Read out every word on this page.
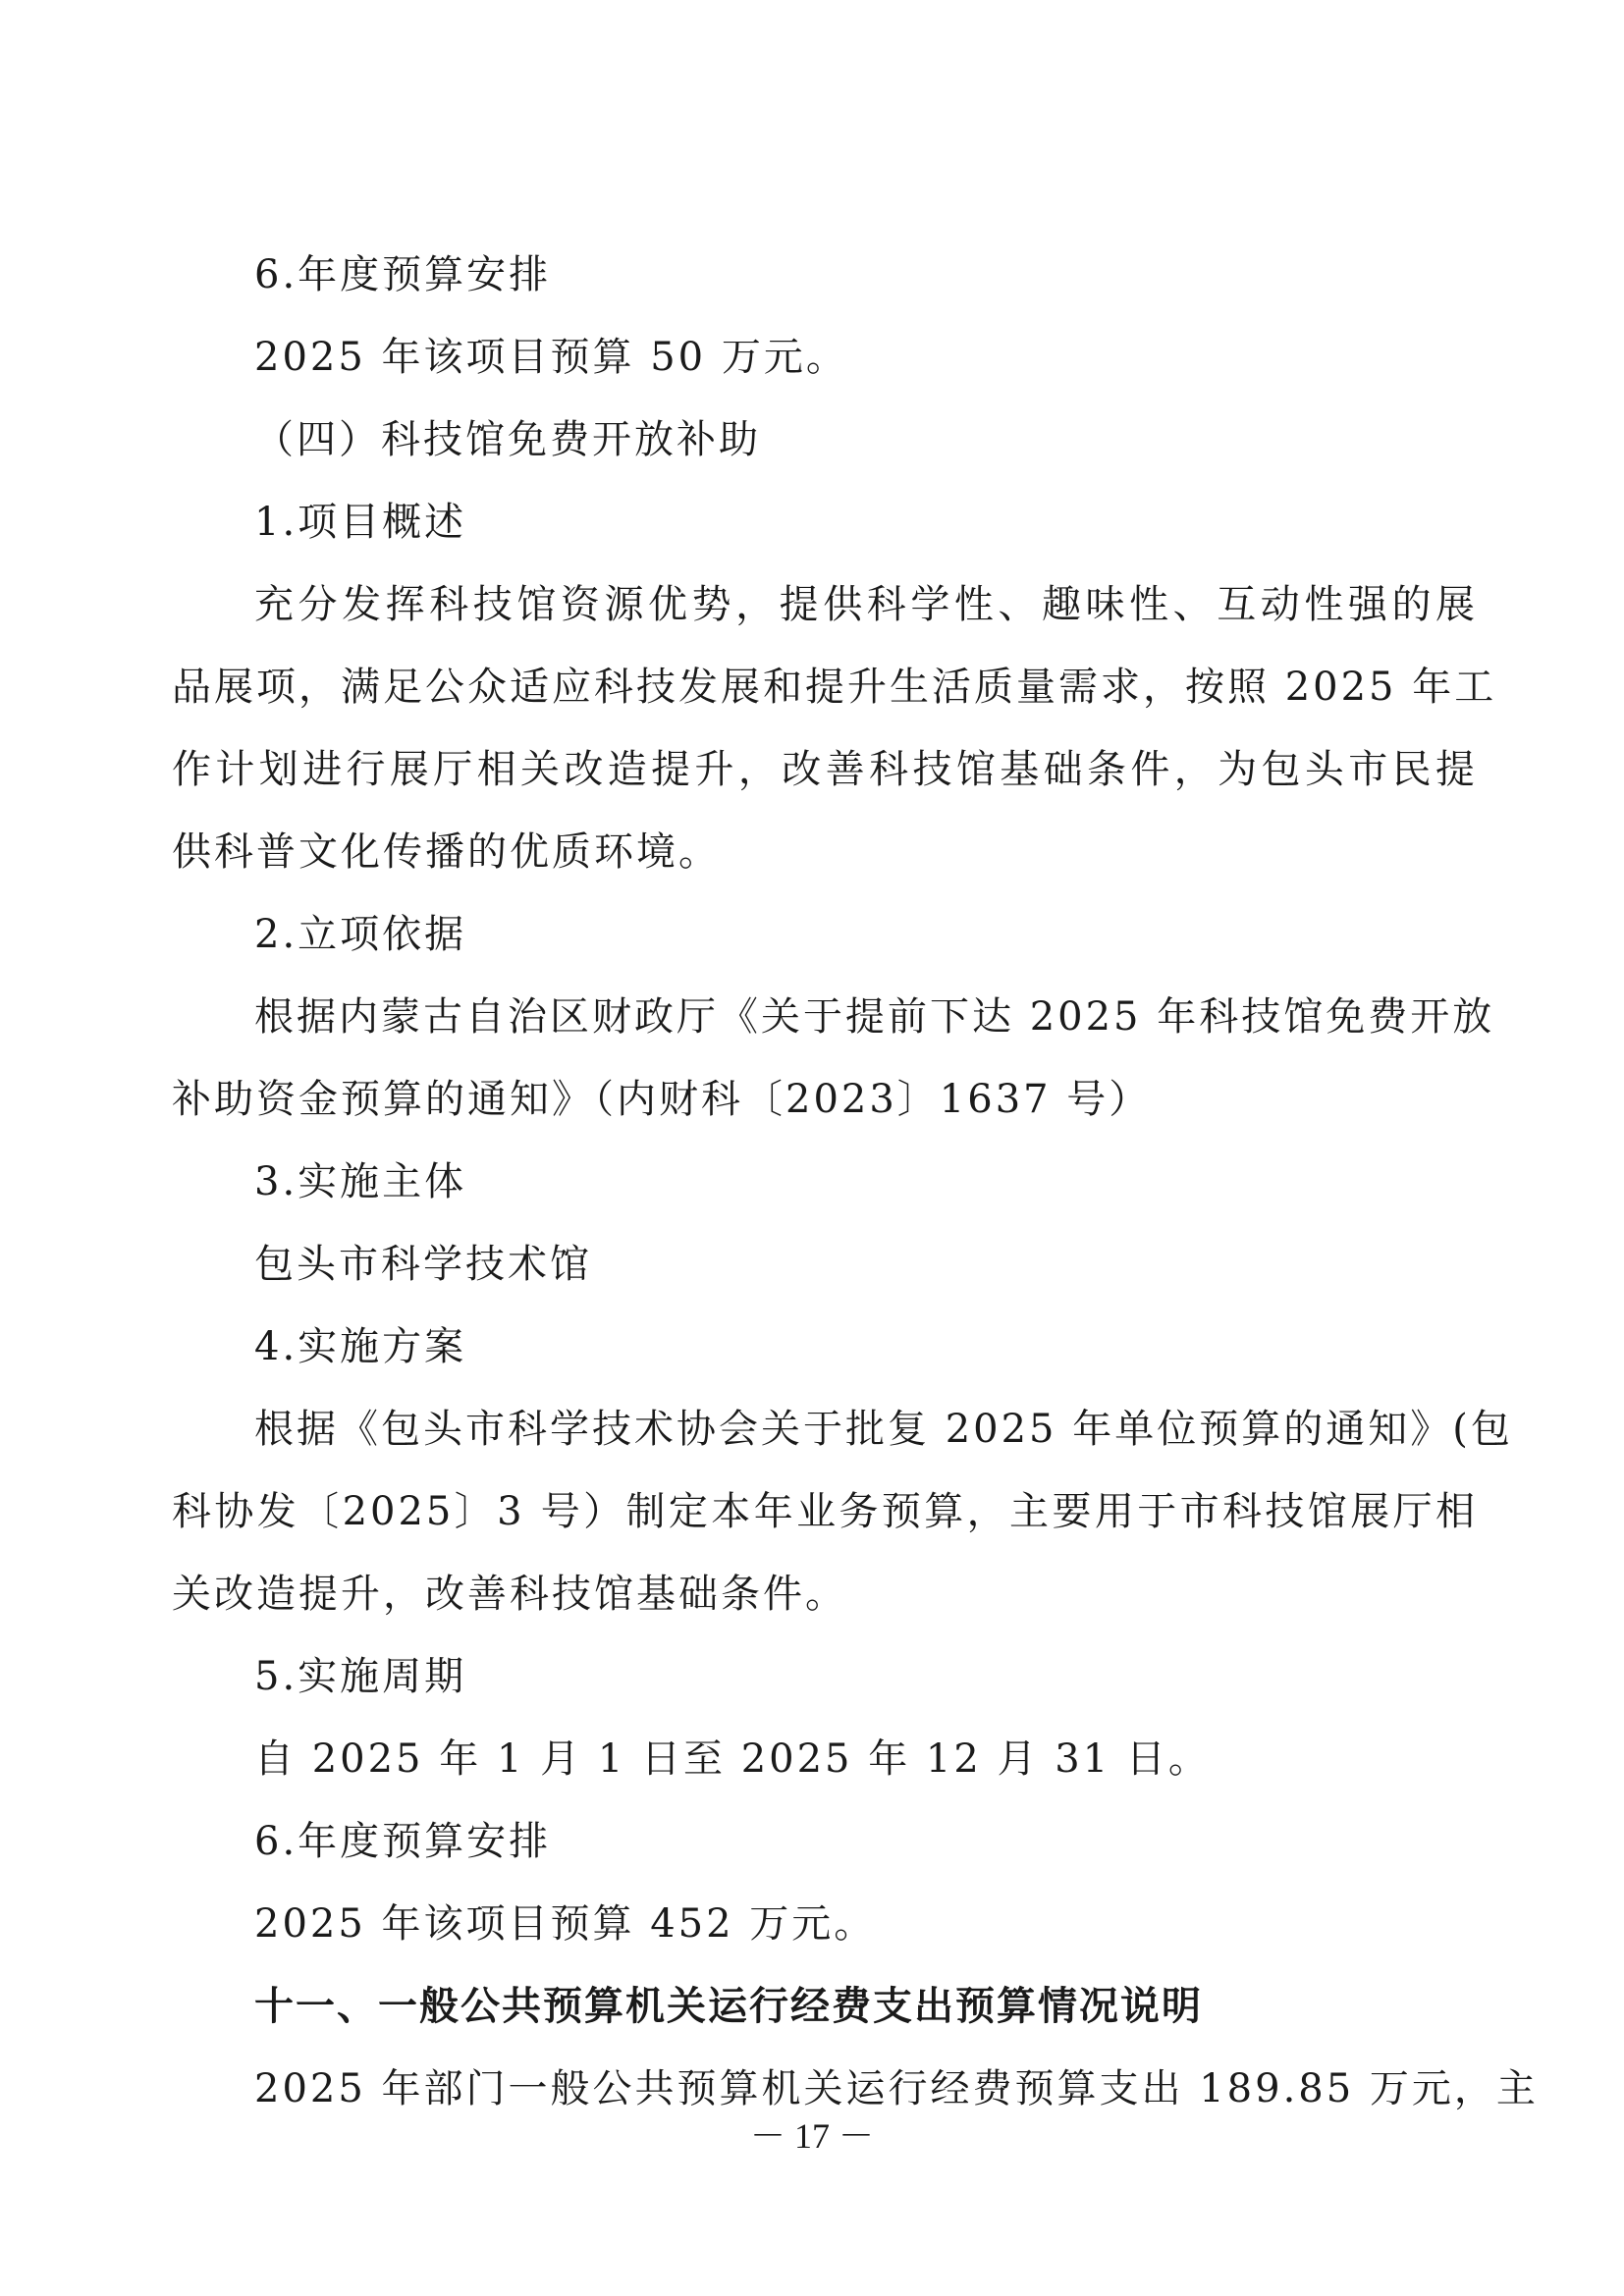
6.年度预算安排
2025 年该项目预算 50 万元。
（四）科技馆免费开放补助
1.项目概述
充分发挥科技馆资源优势，提供科学性、趣味性、互动性强的展
品展项，满足公众适应科技发展和提升生活质量需求，按照 2025 年工
作计划进行展厅相关改造提升，改善科技馆基础条件，为包头市民提
供科普文化传播的优质环境。
2.立项依据
根据内蒙古自治区财政厅《关于提前下达 2025 年科技馆免费开放
补助资金预算的通知》（内财科〔2023〕1637 号）
3.实施主体
包头市科学技术馆
4.实施方案
根据《包头市科学技术协会关于批复 2025 年单位预算的通知》(包
科协发〔2025〕3 号）制定本年业务预算，主要用于市科技馆展厅相
关改造提升，改善科技馆基础条件。
5.实施周期
自 2025 年 1 月 1 日至 2025 年 12 月 31 日。
6.年度预算安排
2025 年该项目预算 452 万元。
十一、一般公共预算机关运行经费支出预算情况说明
2025 年部门一般公共预算机关运行经费预算支出 189.85 万元，主
－ 17 －
